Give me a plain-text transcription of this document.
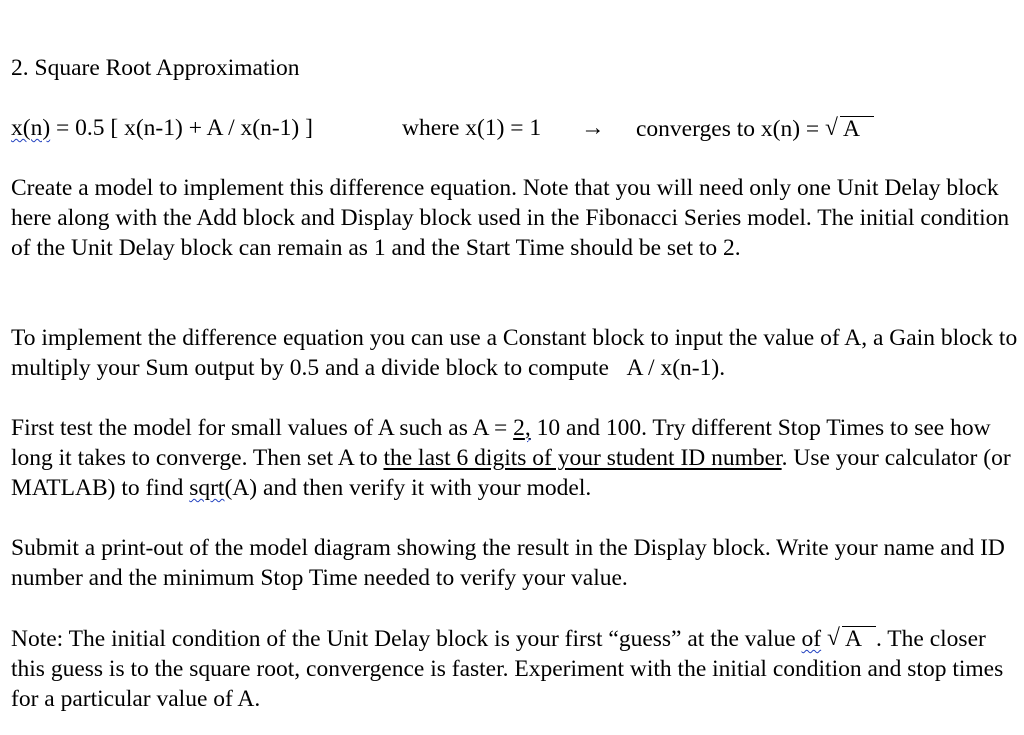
2. Square Root Approximation
x(n) = 0.5 [ x(n-1) + A / x(n-1) ]	where x(1) = 1 → converges to x(n) = √ A
Create a model to implement this difference equation. Note that you will need only one Unit Delay block here along with the Add block and Display block used in the Fibonacci Series model. The initial condition of the Unit Delay block can remain as 1 and the Start Time should be set to 2.
To implement the difference equation you can use a Constant block to input the value of A, a Gain block to multiply your Sum output by 0.5 and a divide block to compute   A / x(n-1).
First test the model for small values of A such as A = 2, 10 and 100. Try different Stop Times to see how long it takes to converge. Then set A to the last 6 digits of your student ID number. Use your calculator (or MATLAB) to find sqrt(A) and then verify it with your model.
Submit a print-out of the model diagram showing the result in the Display block. Write your name and ID number and the minimum Stop Time needed to verify your value.
Note: The initial condition of the Unit Delay block is your first “guess” at the value of √ A . The closer this guess is to the square root, convergence is faster. Experiment with the initial condition and stop times for a particular value of A.
